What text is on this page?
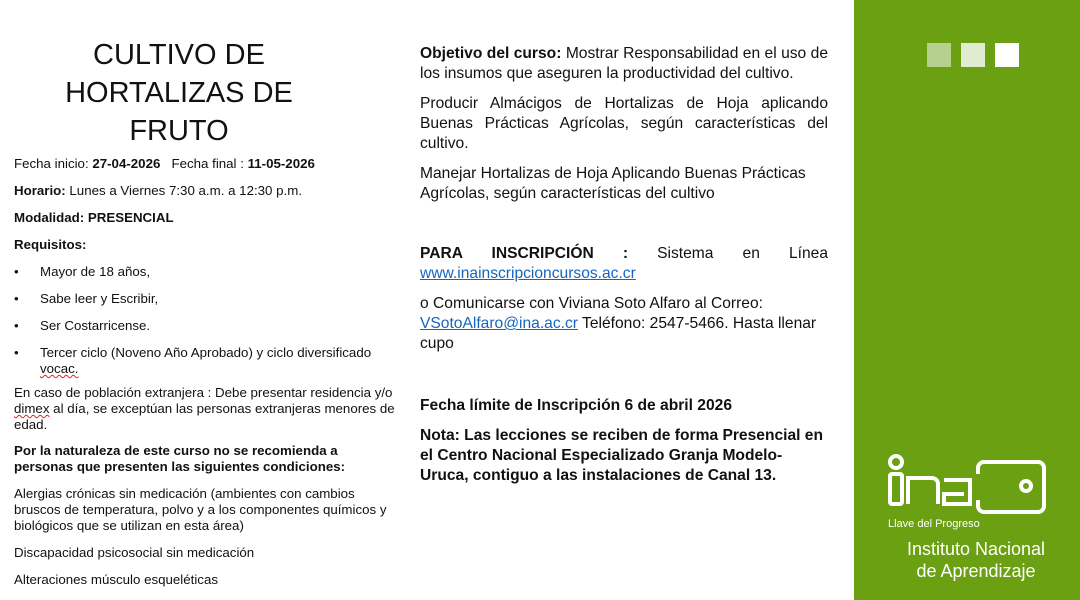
CULTIVO DE
HORTALIZAS DE FRUTO

Fecha inicio: 27-04-2026 Fecha final : 11-05-2026

Horario: Lunes a Viernes 7:30 a.m. a 12:30 p.m.

Modalidad: PRESENCIAL

Requisitos:

• Mayor de 18 años,
• Sabe leer y Escribir,
• Ser Costarricense.
• Tercer ciclo (Noveno Año Aprobado) y ciclo diversificado
vocac.

En caso de población extranjera : Debe presentar residencia y/o dimex al día, se exceptúan las personas extranjeras menores de edad.

Por la naturaleza de este curso no se recomienda a personas que presenten las siguientes condiciones:

Alergias crónicas sin medicación (ambientes con cambios bruscos de temperatura, polvo y a los componentes químicos y biológicos que se utilizan en esta área)

Discapacidad psicosocial sin medicación

Alteraciones músculo esqueléticas

Objetivo del curso: Mostrar Responsabilidad en el uso de los insumos que aseguren la productividad del cultivo.

Producir Almácigos de Hortalizas de Hoja aplicando Buenas Prácticas Agrícolas, según características del cultivo.

Manejar Hortalizas de Hoja Aplicando Buenas Prácticas Agrícolas, según características del cultivo

PARA INSCRIPCIÓN : Sistema en Línea www.inainscripcioncursos.ac.cr

o Comunicarse con Viviana Soto Alfaro al Correo: VSotoAlfaro@ina.ac.cr Teléfono: 2547-5466. Hasta llenar cupo

Fecha límite de Inscripción 6 de abril 2026

Nota: Las lecciones se reciben de forma Presencial en el Centro Nacional Especializado Granja Modelo-Uruca, contiguo a las instalaciones de Canal 13.

Llave del Progreso
Instituto Nacional
de Aprendizaje
